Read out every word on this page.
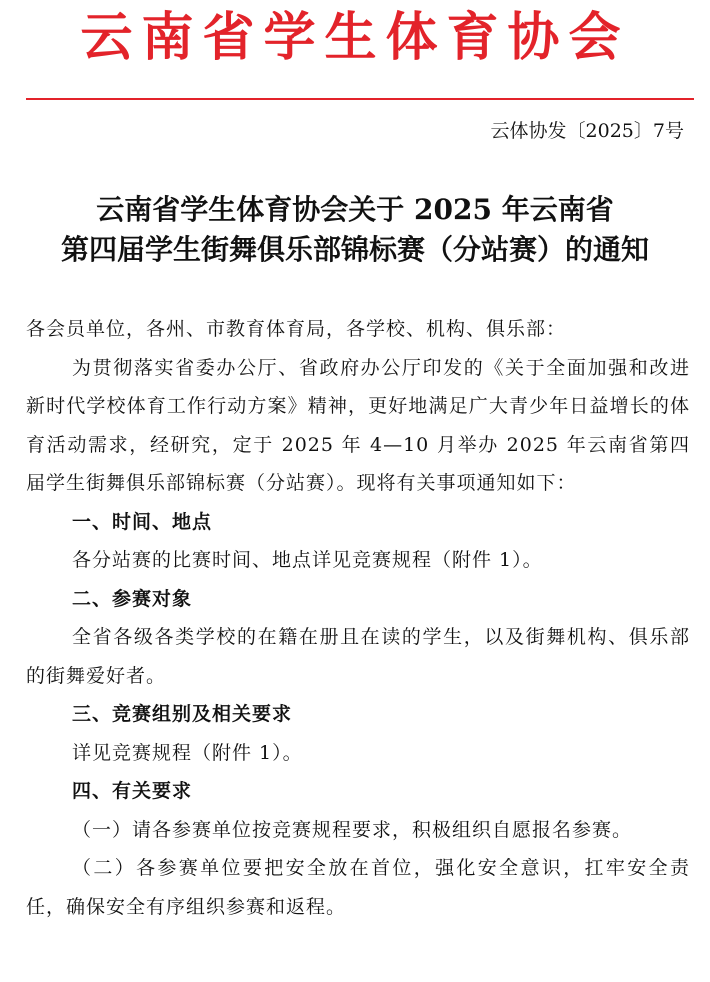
云南省学生体育协会
云体协发〔2025〕7号
云南省学生体育协会关于 2025 年云南省
第四届学生街舞俱乐部锦标赛（分站赛）的通知

各会员单位，各州、市教育体育局，各学校、机构、俱乐部：

为贯彻落实省委办公厅、省政府办公厅印发的《关于全面加强和改进新时代学校体育工作行动方案》精神，更好地满足广大青少年日益增长的体育活动需求，经研究，定于 2025 年 4—10 月举办 2025 年云南省第四届学生街舞俱乐部锦标赛（分站赛）。现将有关事项通知如下：

一、时间、地点

各分站赛的比赛时间、地点详见竞赛规程（附件 1）。

二、参赛对象

全省各级各类学校的在籍在册且在读的学生，以及街舞机构、俱乐部的街舞爱好者。

三、竞赛组别及相关要求

详见竞赛规程（附件 1）。

四、有关要求

（一）请各参赛单位按竞赛规程要求，积极组织自愿报名参赛。

（二）各参赛单位要把安全放在首位，强化安全意识，扛牢安全责任，确保安全有序组织参赛和返程。
